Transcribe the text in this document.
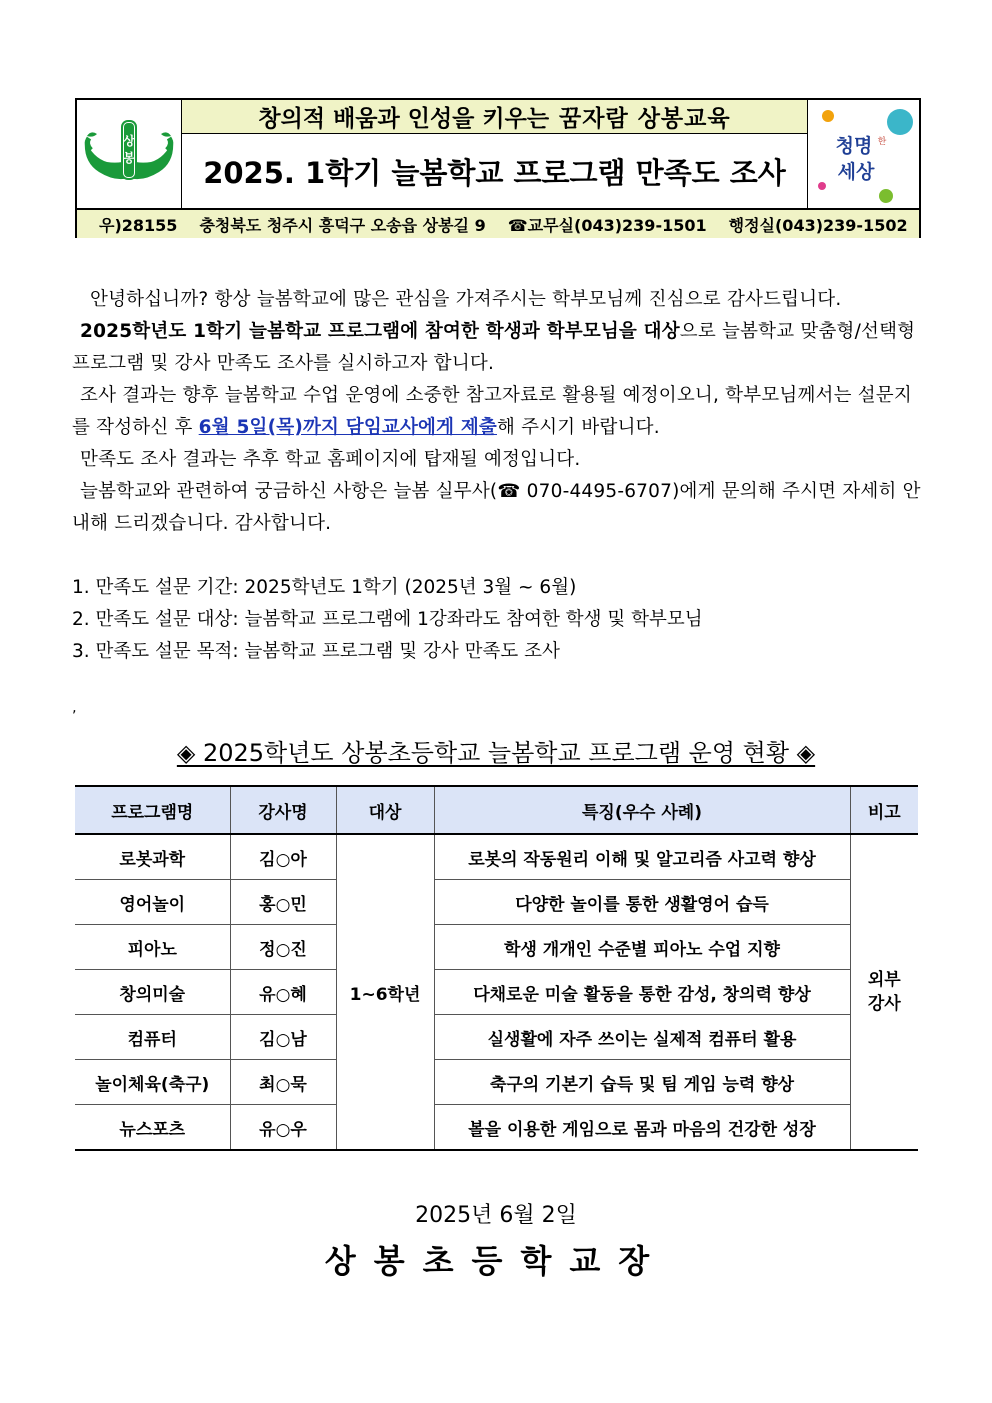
상
봉
창의적 배움과 인성을 키우는 꿈자람 상봉교육
2025. 1학기 늘봄학교 프로그램 만족도 조사
청명
세상
한
우)28155 충청북도 청주시 흥덕구 오송읍 상봉길 9 ☎교무실(043)239-1501 행정실(043)239-1502
안녕하십니까? 항상 늘봄학교에 많은 관심을 가져주시는 학부모님께 진심으로 감사드립니다.
2025학년도 1학기 늘봄학교 프로그램에 참여한 학생과 학부모님을 대상으로 늘봄학교 맞춤형/선택형 프로그램 및 강사 만족도 조사를 실시하고자 합니다.
조사 결과는 향후 늘봄학교 수업 운영에 소중한 참고자료로 활용될 예정이오니, 학부모님께서는 설문지를 작성하신 후 6월 5일(목)까지 담임교사에게 제출해 주시기 바랍니다.
만족도 조사 결과는 추후 학교 홈페이지에 탑재될 예정입니다.
늘봄학교와 관련하여 궁금하신 사항은 늘봄 실무사(☎ 070-4495-6707)에게 문의해 주시면 자세히 안내해 드리겠습니다. 감사합니다.
1. 만족도 설문 기간: 2025학년도 1학기 (2025년 3월 ~ 6월)
2. 만족도 설문 대상: 늘봄학교 프로그램에 1강좌라도 참여한 학생 및 학부모님
3. 만족도 설문 목적: 늘봄학교 프로그램 및 강사 만족도 조사
‚
◈ 2025학년도 상봉초등학교 늘봄학교 프로그램 운영 현황 ◈
프로그램명	강사명	대상	특징(우수 사례)	비고
로봇과학	김○아	1~6학년	로봇의 작동원리 이해 및 알고리즘 사고력 향상	외부
강사
영어놀이	홍○민		다양한 놀이를 통한 생활영어 습득	
피아노	정○진		학생 개개인 수준별 피아노 수업 지향	
창의미술	유○혜		다채로운 미술 활동을 통한 감성, 창의력 향상	
컴퓨터	김○남		실생활에 자주 쓰이는 실제적 컴퓨터 활용	
놀이체육(축구)	최○묵		축구의 기본기 습득 및 팀 게임 능력 향상	
뉴스포츠	유○우		볼을 이용한 게임으로 몸과 마음의 건강한 성장	
2025년 6월 2일
상봉초등학교장
